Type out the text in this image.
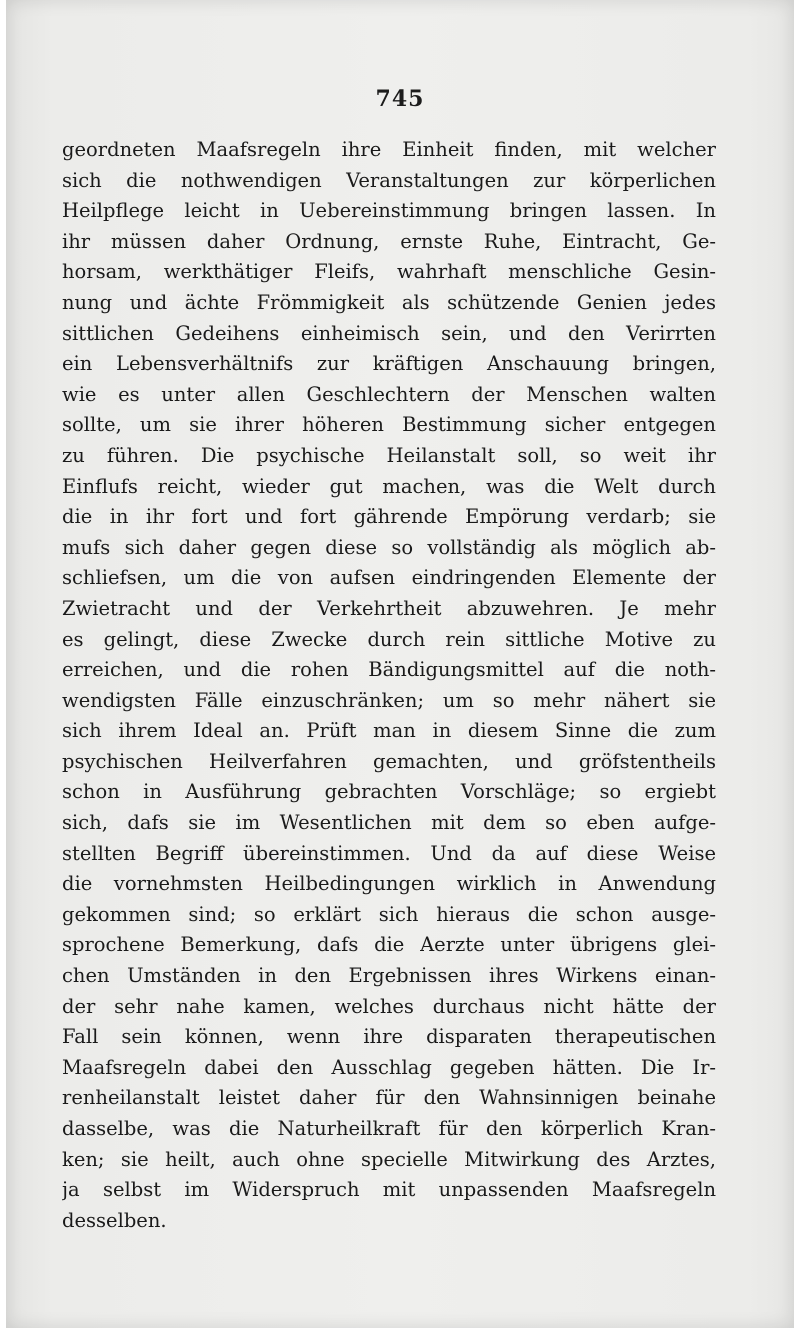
745
geordneten Maafsregeln ihre Einheit finden, mit welcher
sich die nothwendigen Veranstaltungen zur körperlichen
Heilpflege leicht in Uebereinstimmung bringen lassen. In
ihr müssen daher Ordnung, ernste Ruhe, Eintracht, Ge-
horsam, werkthätiger Fleifs, wahrhaft menschliche Gesin-
nung und ächte Frömmigkeit als schützende Genien jedes
sittlichen Gedeihens einheimisch sein, und den Verirrten
ein Lebensverhältnifs zur kräftigen Anschauung bringen,
wie es unter allen Geschlechtern der Menschen walten
sollte, um sie ihrer höheren Bestimmung sicher entgegen
zu führen. Die psychische Heilanstalt soll, so weit ihr
Einflufs reicht, wieder gut machen, was die Welt durch
die in ihr fort und fort gährende Empörung verdarb; sie
mufs sich daher gegen diese so vollständig als möglich ab-
schliefsen, um die von aufsen eindringenden Elemente der
Zwietracht und der Verkehrtheit abzuwehren. Je mehr
es gelingt, diese Zwecke durch rein sittliche Motive zu
erreichen, und die rohen Bändigungsmittel auf die noth-
wendigsten Fälle einzuschränken; um so mehr nähert sie
sich ihrem Ideal an. Prüft man in diesem Sinne die zum
psychischen Heilverfahren gemachten, und gröfstentheils
schon in Ausführung gebrachten Vorschläge; so ergiebt
sich, dafs sie im Wesentlichen mit dem so eben aufge-
stellten Begriff übereinstimmen. Und da auf diese Weise
die vornehmsten Heilbedingungen wirklich in Anwendung
gekommen sind; so erklärt sich hieraus die schon ausge-
sprochene Bemerkung, dafs die Aerzte unter übrigens glei-
chen Umständen in den Ergebnissen ihres Wirkens einan-
der sehr nahe kamen, welches durchaus nicht hätte der
Fall sein können, wenn ihre disparaten therapeutischen
Maafsregeln dabei den Ausschlag gegeben hätten. Die Ir-
renheilanstalt leistet daher für den Wahnsinnigen beinahe
dasselbe, was die Naturheilkraft für den körperlich Kran-
ken; sie heilt, auch ohne specielle Mitwirkung des Arztes,
ja selbst im Widerspruch mit unpassenden Maafsregeln
desselben.
